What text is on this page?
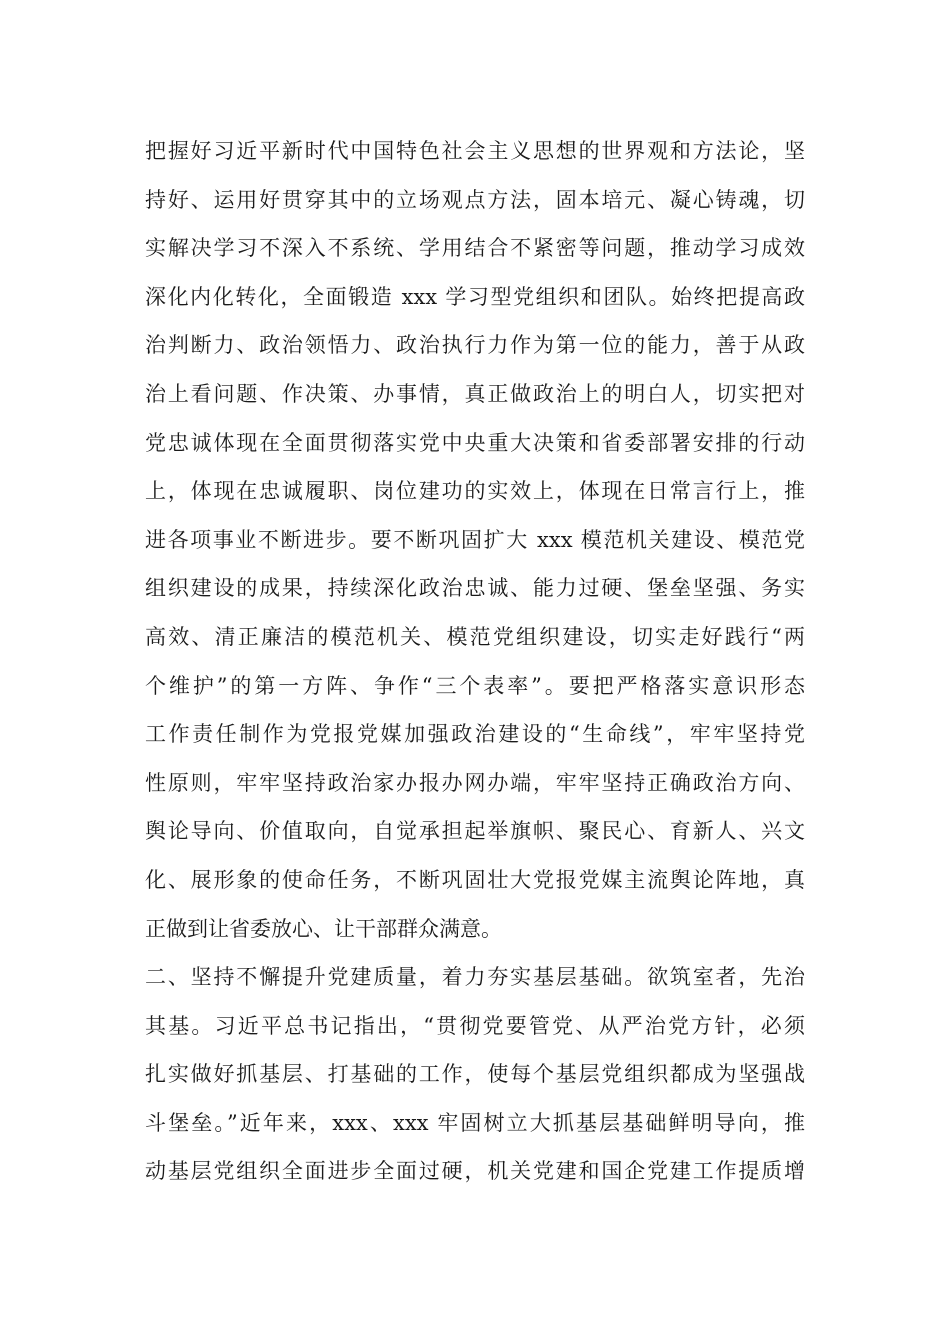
把握好习近平新时代中国特色社会主义思想的世界观和方法论，坚
持好、运用好贯穿其中的立场观点方法，固本培元、凝心铸魂，切
实解决学习不深入不系统、学用结合不紧密等问题，推动学习成效
深化内化转化，全面锻造 xxx 学习型党组织和团队。始终把提高政
治判断力、政治领悟力、政治执行力作为第一位的能力，善于从政
治上看问题、作决策、办事情，真正做政治上的明白人，切实把对
党忠诚体现在全面贯彻落实党中央重大决策和省委部署安排的行动
上，体现在忠诚履职、岗位建功的实效上，体现在日常言行上，推
进各项事业不断进步。要不断巩固扩大 xxx 模范机关建设、模范党
组织建设的成果，持续深化政治忠诚、能力过硬、堡垒坚强、务实
高效、清正廉洁的模范机关、模范党组织建设，切实走好践行“两
个维护”的第一方阵、争作“三个表率”。要把严格落实意识形态
工作责任制作为党报党媒加强政治建设的“生命线”，牢牢坚持党
性原则，牢牢坚持政治家办报办网办端，牢牢坚持正确政治方向、
舆论导向、价值取向，自觉承担起举旗帜、聚民心、育新人、兴文
化、展形象的使命任务，不断巩固壮大党报党媒主流舆论阵地，真
正做到让省委放心、让干部群众满意。
二、坚持不懈提升党建质量，着力夯实基层基础。欲筑室者，先治
其基。习近平总书记指出，“贯彻党要管党、从严治党方针，必须
扎实做好抓基层、打基础的工作，使每个基层党组织都成为坚强战
斗堡垒。”近年来，xxx、xxx 牢固树立大抓基层基础鲜明导向，推
动基层党组织全面进步全面过硬，机关党建和国企党建工作提质增
